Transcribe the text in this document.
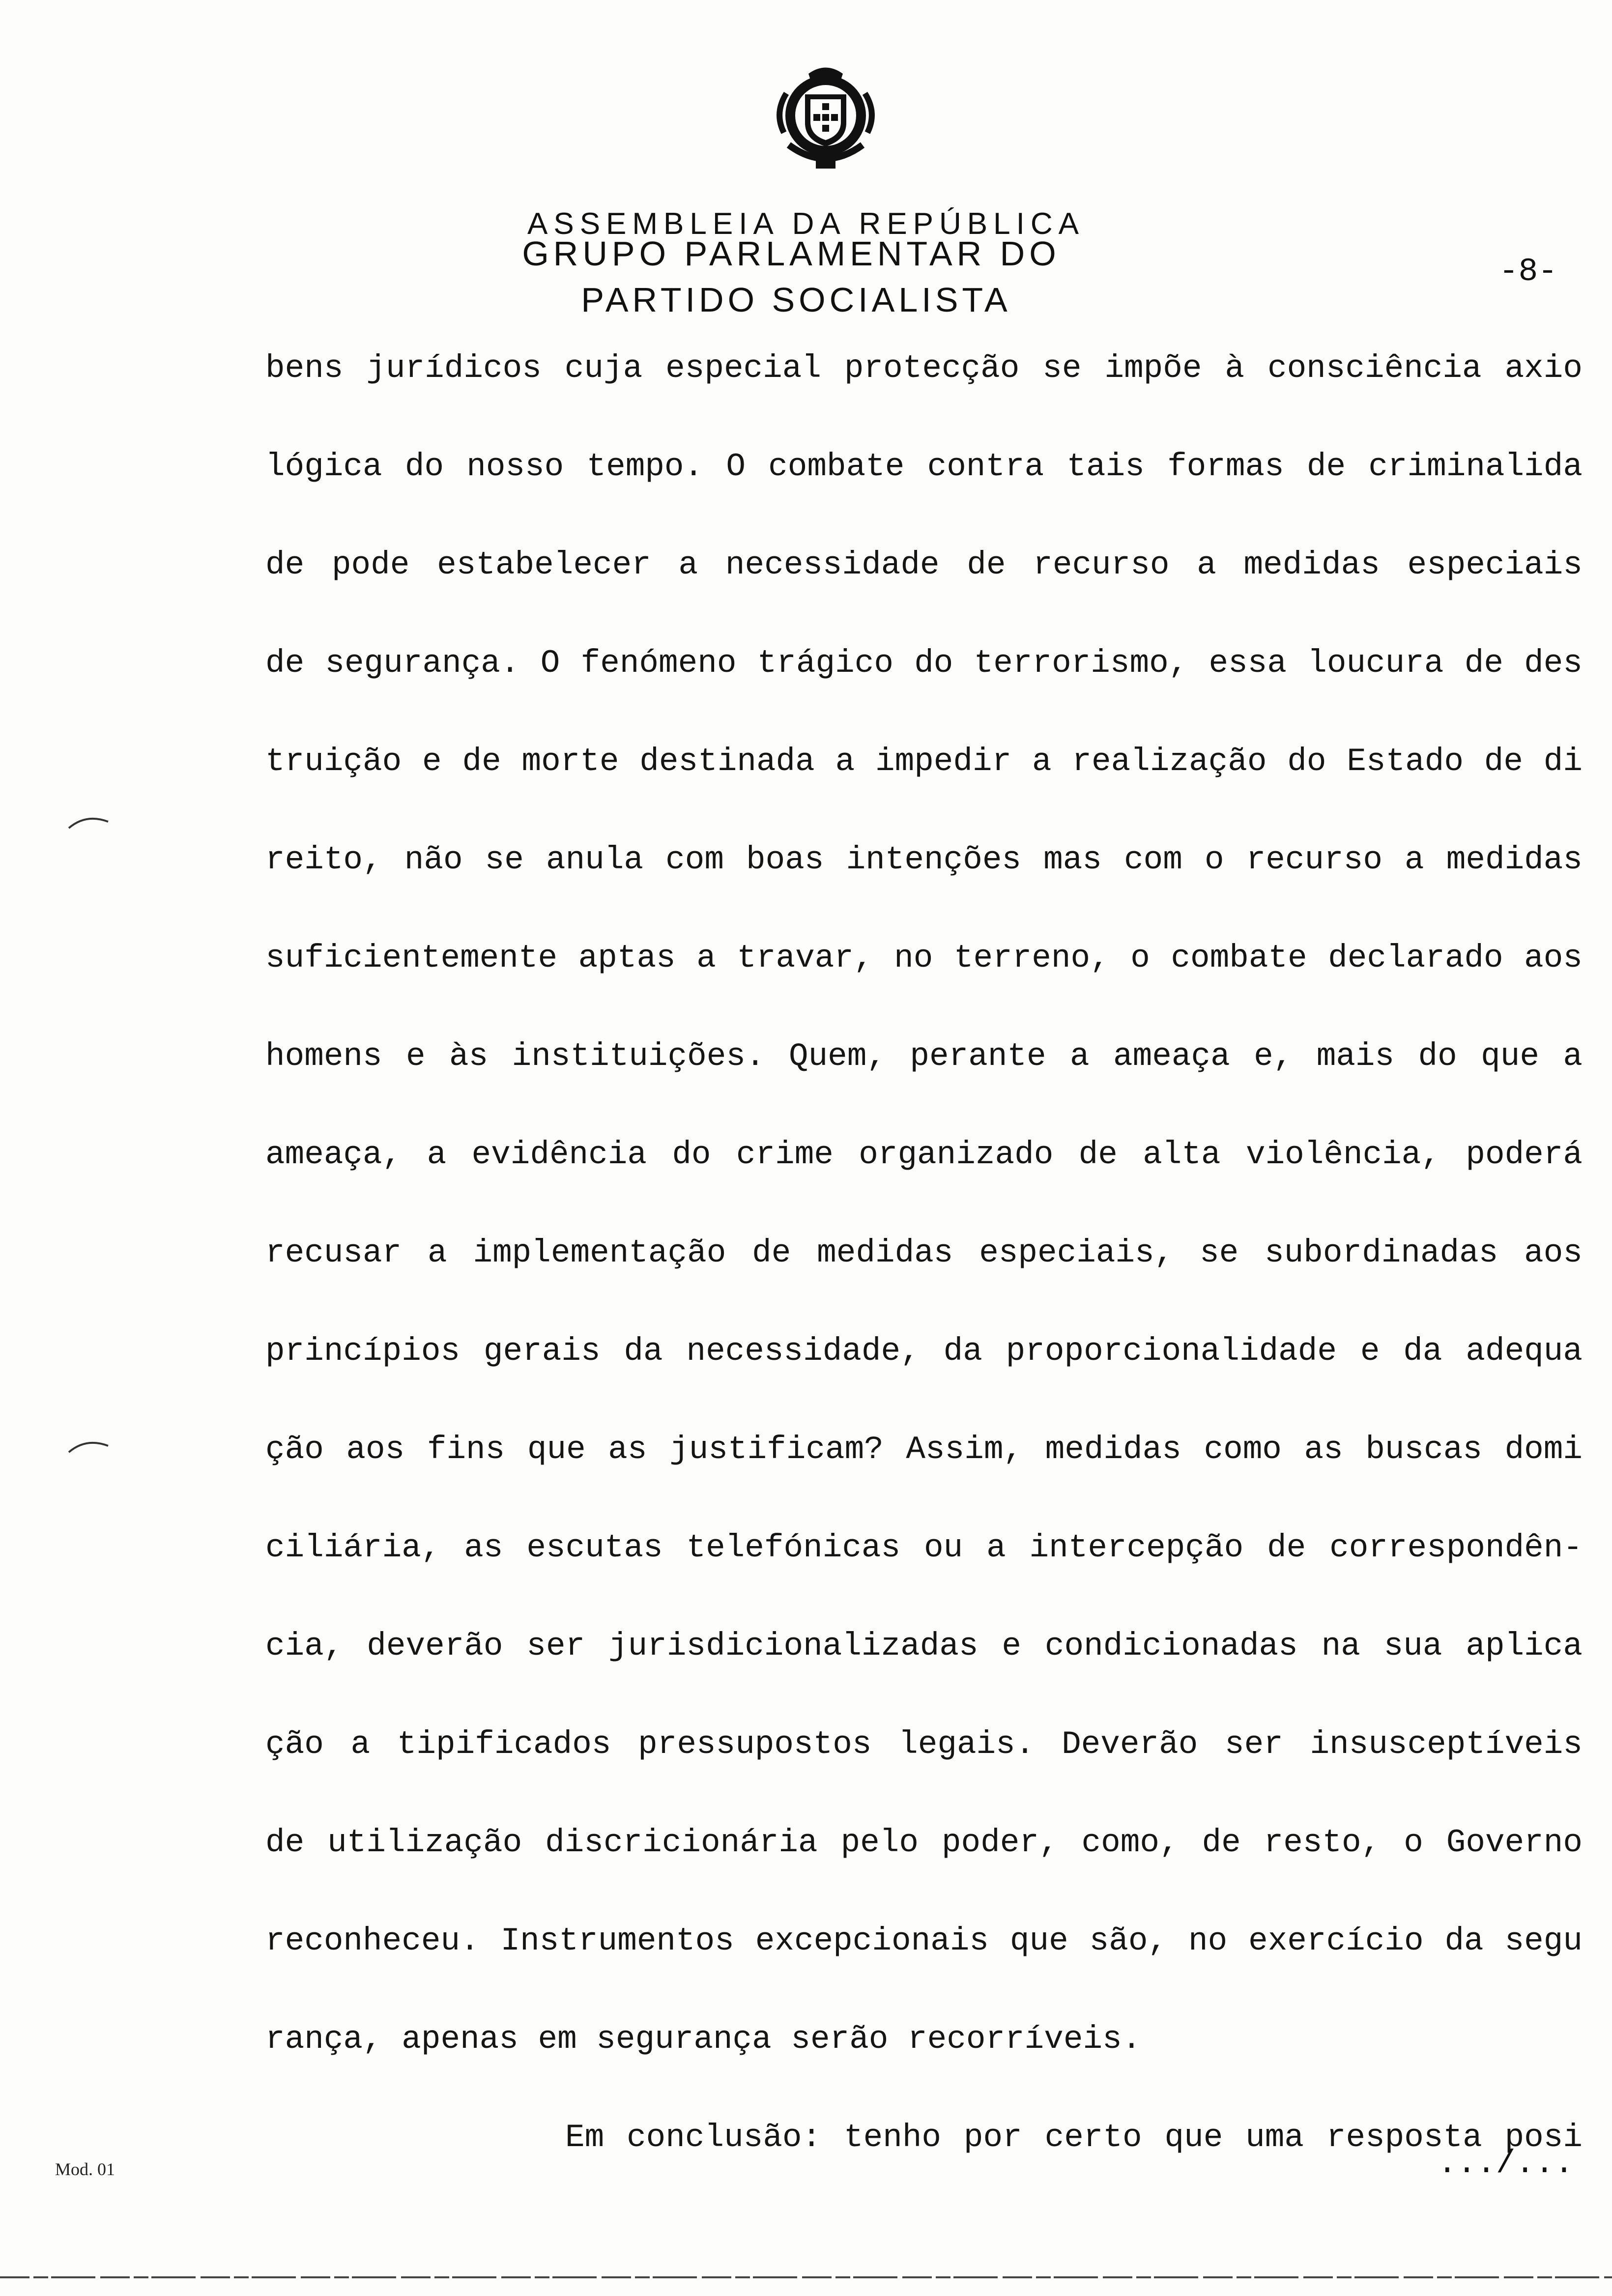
ASSEMBLEIA DA REPÚBLICA
GRUPO PARLAMENTAR DO
PARTIDO SOCIALISTA
-8-
bens jurídicos cuja especial protecção se impõe à consciência axio
lógica do nosso tempo. O combate contra tais formas de criminalida
de pode estabelecer a necessidade de recurso a medidas especiais
de segurança. O fenómeno trágico do terrorismo, essa loucura de des
truição e de morte destinada a impedir a realização do Estado de di
reito, não se anula com boas intenções mas com o recurso a medidas
suficientemente aptas a travar, no terreno, o combate declarado aos
homens e às instituições. Quem, perante a ameaça e, mais do que a
ameaça, a evidência do crime organizado de alta violência, poderá
recusar a implementação de medidas especiais, se subordinadas aos
princípios gerais da necessidade, da proporcionalidade e da adequa
ção aos fins que as justificam? Assim, medidas como as buscas domi
ciliária, as escutas telefónicas ou a intercepção de correspondên-
cia, deverão ser jurisdicionalizadas e condicionadas na sua aplica
ção a tipificados pressupostos legais. Deverão ser insusceptíveis
de utilização discricionária pelo poder, como, de resto, o Governo
reconheceu. Instrumentos excepcionais que são, no exercício da segu
rança, apenas em segurança serão recorríveis.
Em conclusão: tenho por certo que uma resposta posi
.../...
Mod. 01
